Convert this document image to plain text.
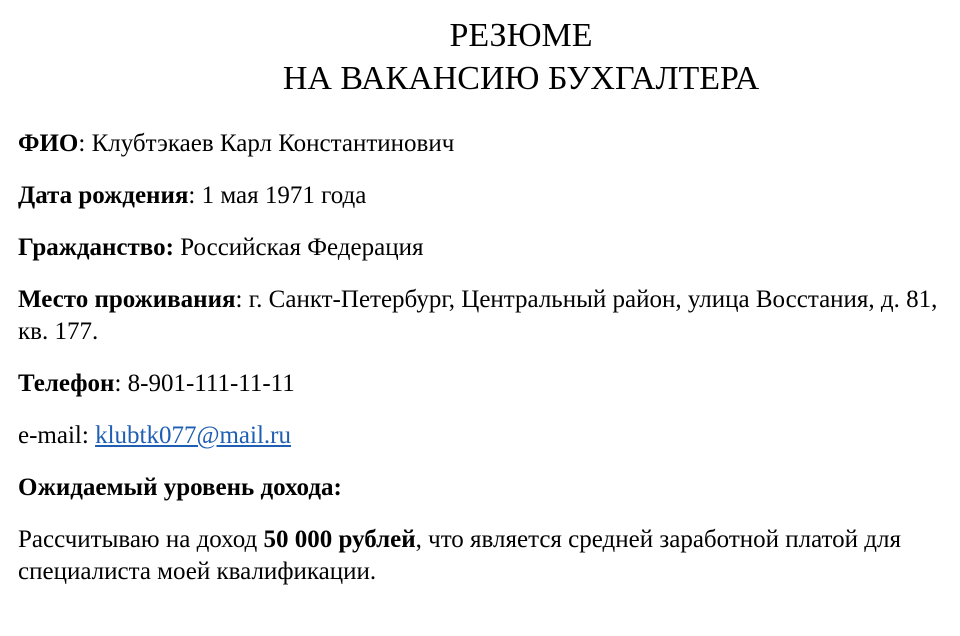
РЕЗЮМЕ
НА ВАКАНСИЮ БУХГАЛТЕРА
ФИО: Клубтэкаев Карл Константинович
Дата рождения: 1 мая 1971 года
Гражданство: Российская Федерация
Место проживания: г. Санкт-Петербург, Центральный район, улица Восстания, д. 81, кв. 177.
Телефон: 8-901-111-11-11
e-mail: klubtk077@mail.ru
Ожидаемый уровень дохода:
Рассчитываю на доход 50 000 рублей, что является средней заработной платой для специалиста моей квалификации.
